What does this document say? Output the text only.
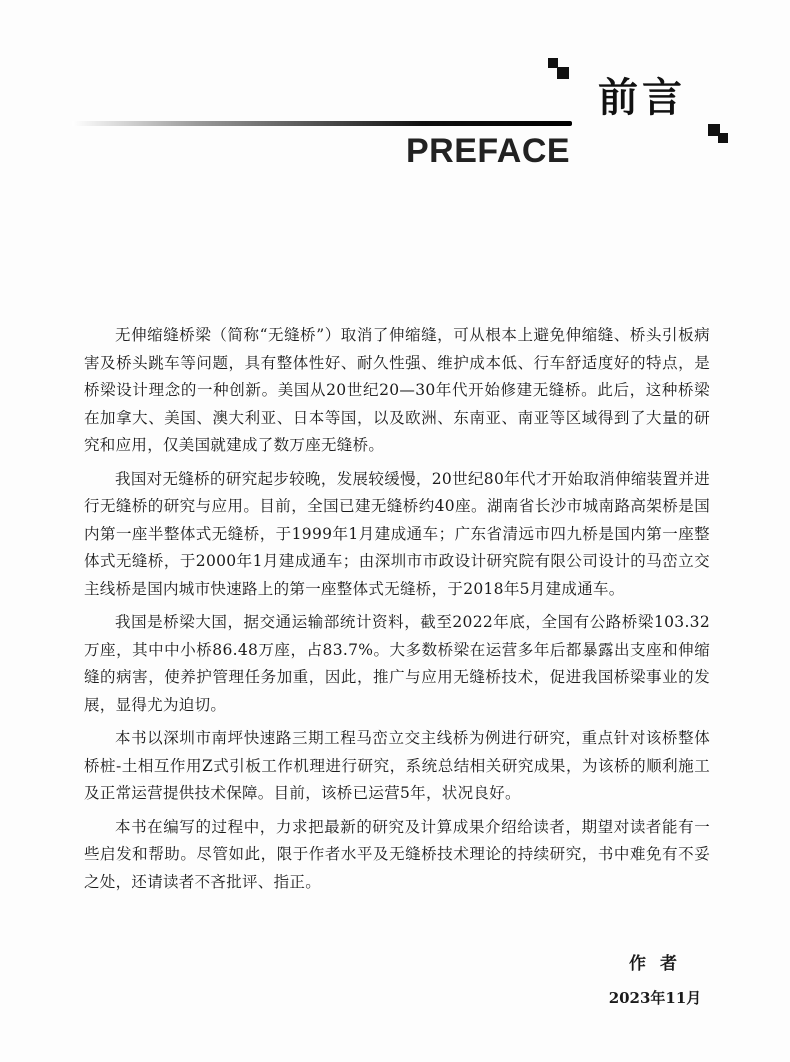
前言
PREFACE

无伸缩缝桥梁（简称“无缝桥”）取消了伸缩缝，可从根本上避免伸缩缝、桥头引板病害及桥头跳车等问题，具有整体性好、耐久性强、维护成本低、行车舒适度好的特点，是桥梁设计理念的一种创新。美国从20世纪20—30年代开始修建无缝桥。此后，这种桥梁在加拿大、美国、澳大利亚、日本等国，以及欧洲、东南亚、南亚等区域得到了大量的研究和应用，仅美国就建成了数万座无缝桥。

我国对无缝桥的研究起步较晚，发展较缓慢，20世纪80年代才开始取消伸缩装置并进行无缝桥的研究与应用。目前，全国已建无缝桥约40座。湖南省长沙市城南路高架桥是国内第一座半整体式无缝桥，于1999年1月建成通车；广东省清远市四九桥是国内第一座整体式无缝桥，于2000年1月建成通车；由深圳市市政设计研究院有限公司设计的马峦立交主线桥是国内城市快速路上的第一座整体式无缝桥，于2018年5月建成通车。

我国是桥梁大国，据交通运输部统计资料，截至2022年底，全国有公路桥梁103.32万座，其中中小桥86.48万座，占83.7%。大多数桥梁在运营多年后都暴露出支座和伸缩缝的病害，使养护管理任务加重，因此，推广与应用无缝桥技术，促进我国桥梁事业的发展，显得尤为迫切。

本书以深圳市南坪快速路三期工程马峦立交主线桥为例进行研究，重点针对该桥整体桥桩-土相互作用Z式引板工作机理进行研究，系统总结相关研究成果，为该桥的顺利施工及正常运营提供技术保障。目前，该桥已运营5年，状况良好。

本书在编写的过程中，力求把最新的研究及计算成果介绍给读者，期望对读者能有一些启发和帮助。尽管如此，限于作者水平及无缝桥技术理论的持续研究，书中难免有不妥之处，还请读者不吝批评、指正。

作者
2023年11月
